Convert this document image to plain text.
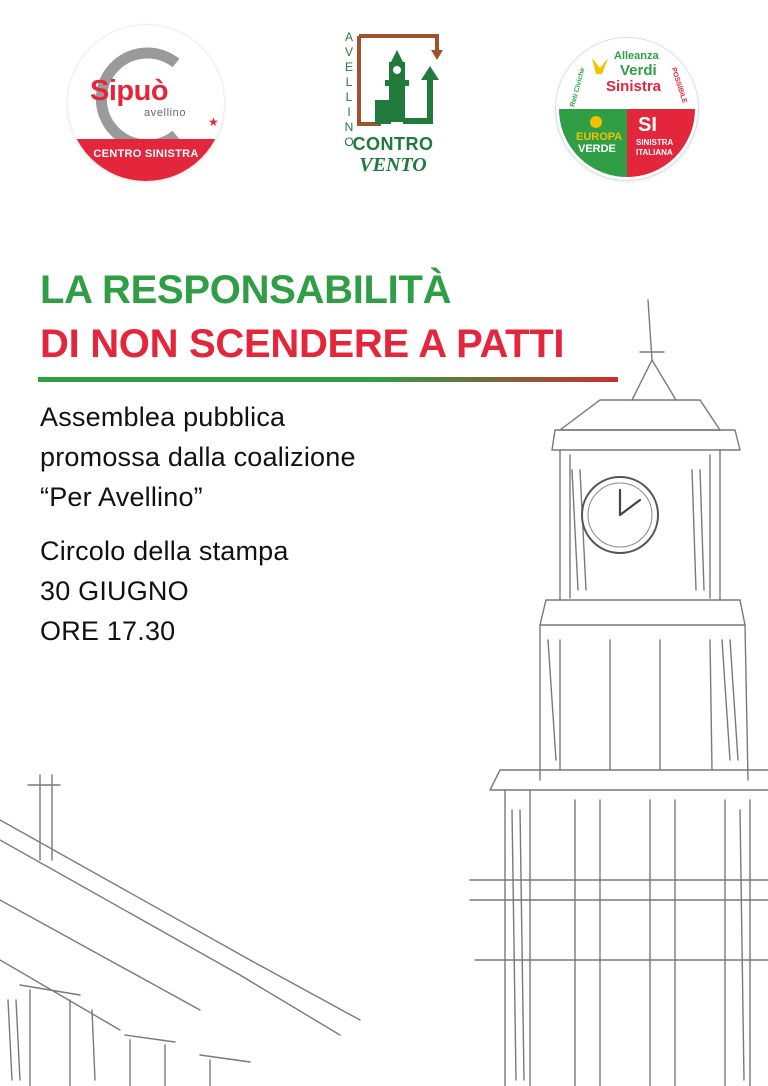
Sipuò
avellino
★
CENTRO SINISTRA
AVELLINO
CONTRO
VENTO
Alleanza
Verdi
Sinistra
Reti Civiche	POSSIBILE
EUROPA
VERDE
SI
SINISTRA
ITALIANA
LA RESPONSABILITÀ
DI NON SCENDERE A PATTI
Assemblea pubblica
promossa dalla coalizione
“Per Avellino”
Circolo della stampa
30 GIUGNO
ORE 17.30
